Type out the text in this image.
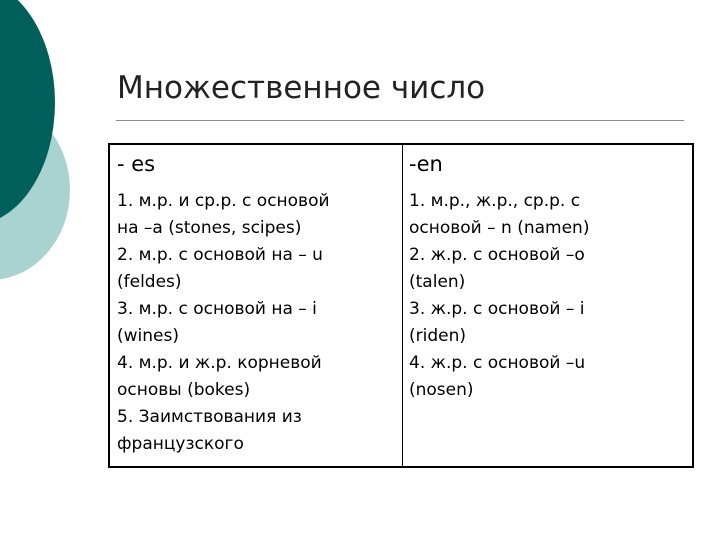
Множественное число
- es
1. м.р. и ср.р. с основой
на –а (stones, scipes)
2. м.р. с основой на – u
(feldes)
3. м.р. с основой на – i
(wines)
4. м.р. и ж.р. корневой
основы (bokes)
5. Заимствования из
французского
-en
1. м.р., ж.р., ср.р. с
основой – n (namen)
2. ж.р. с основой –о
(talen)
3. ж.р. с основой – i
(riden)
4. ж.р. с основой –u
(nosen)
